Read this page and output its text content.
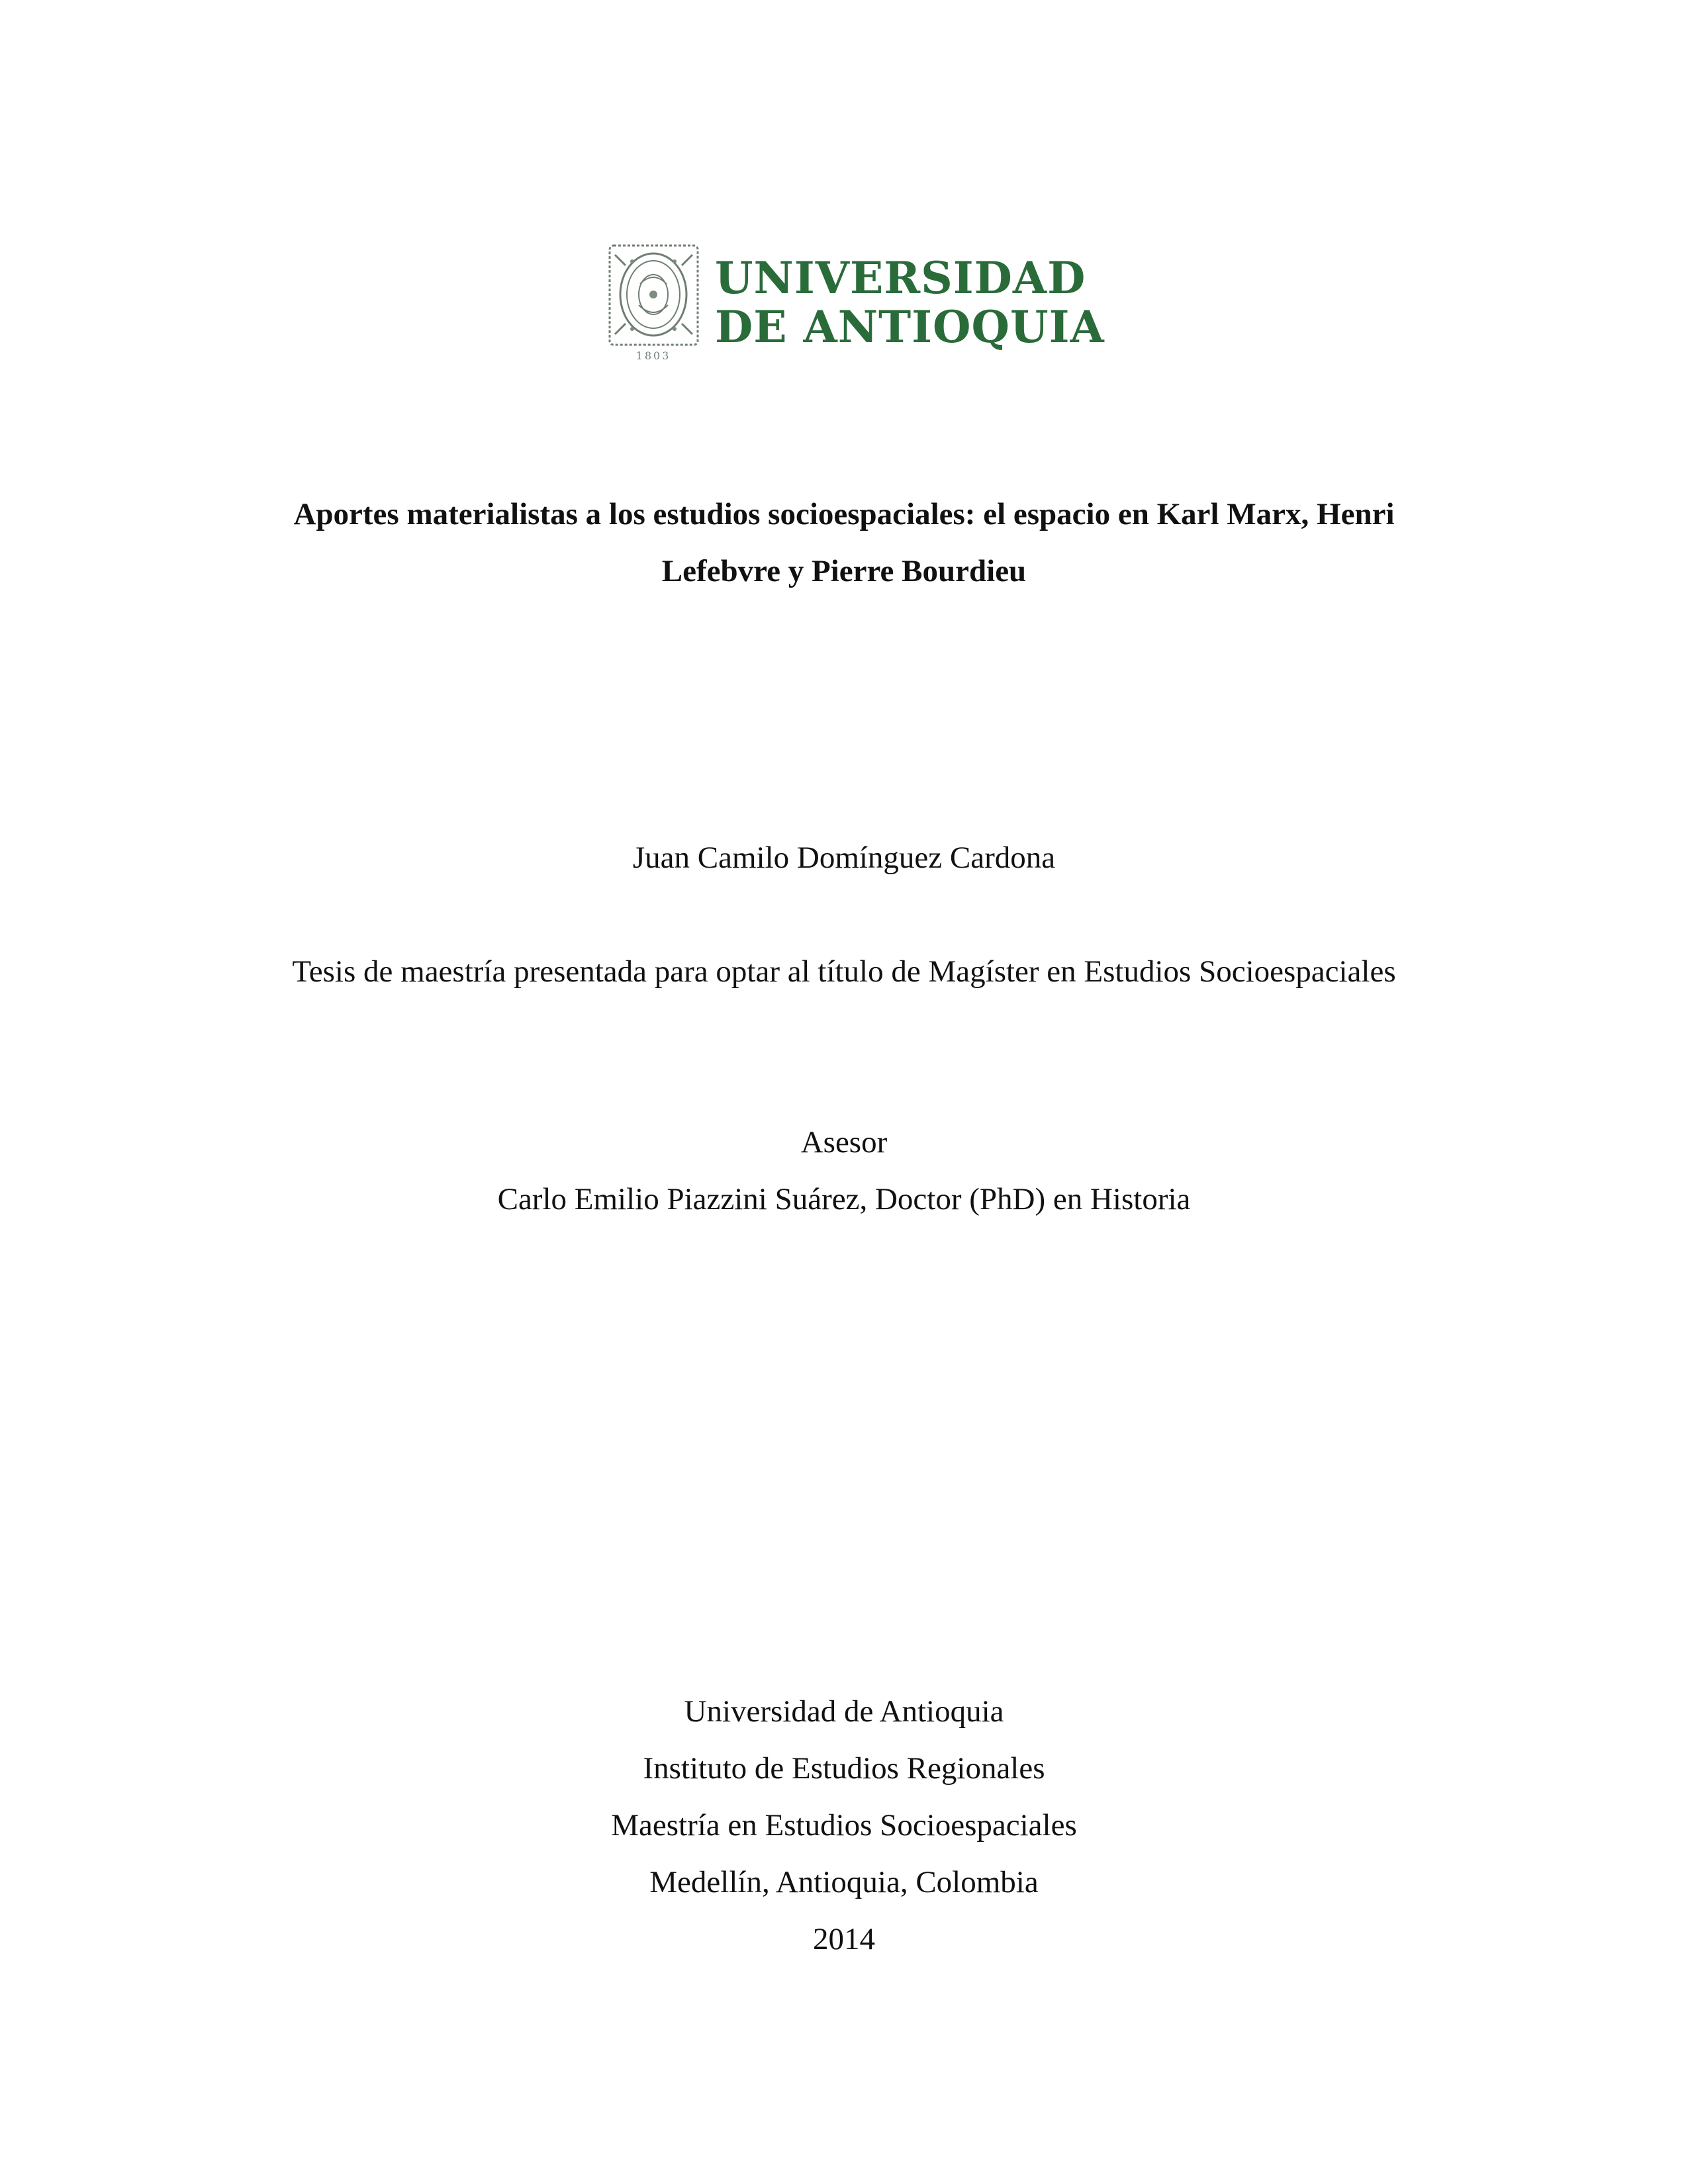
1803
UNIVERSIDAD
DE ANTIOQUIA
Aportes materialistas a los estudios socioespaciales: el espacio en Karl Marx, Henri
Lefebvre y Pierre Bourdieu
Juan Camilo Domínguez Cardona
Tesis de maestría presentada para optar al título de Magíster en Estudios Socioespaciales
Asesor
Carlo Emilio Piazzini Suárez, Doctor (PhD) en Historia
Universidad de Antioquia
Instituto de Estudios Regionales
Maestría en Estudios Socioespaciales
Medellín, Antioquia, Colombia
2014
